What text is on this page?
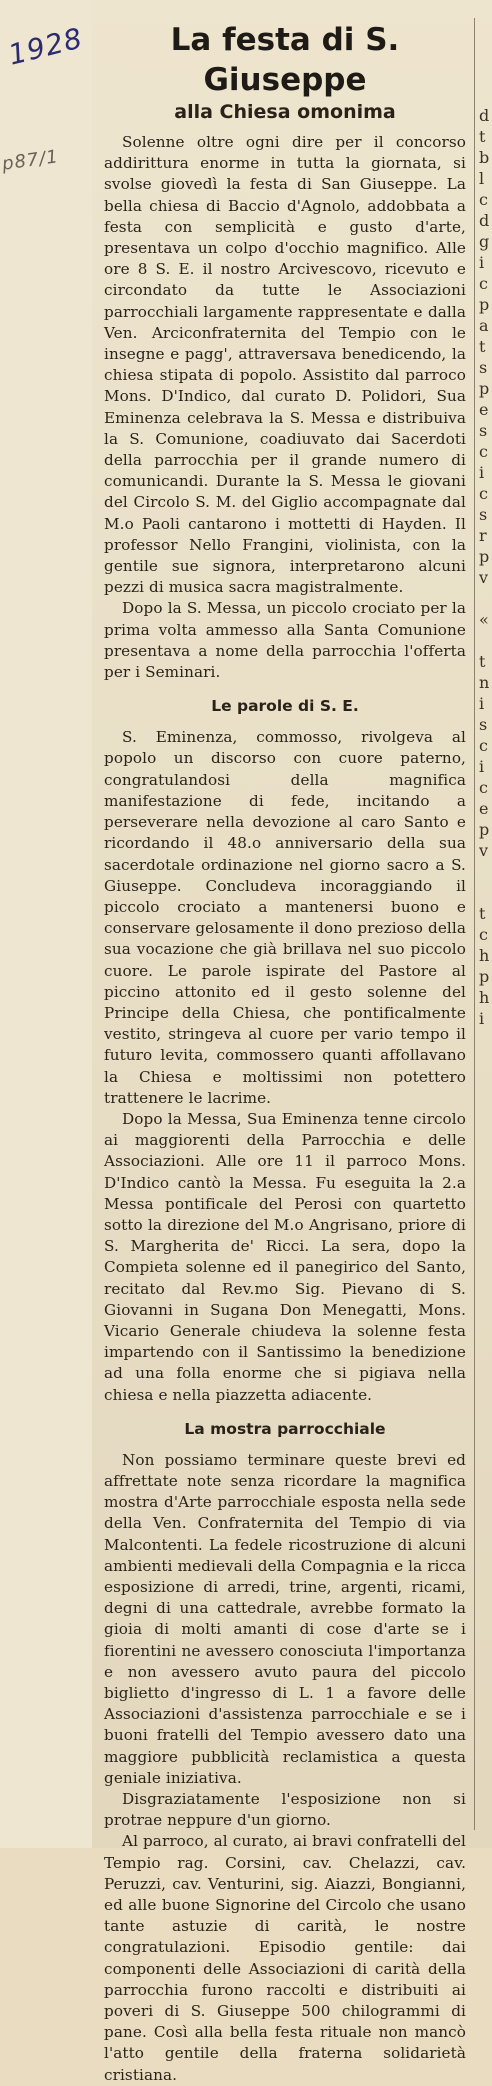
1928
p87/1
La festa di S. Giuseppe
alla Chiesa omonima

Solenne oltre ogni dire per il concorso addirittura enorme in tutta la giornata, si svolse giovedì la festa di San Giuseppe. La bella chiesa di Baccio d'Agnolo, addobbata a festa con semplicità e gusto d'arte, presentava un colpo d'occhio magnifico. Alle ore 8 S. E. il nostro Arcivescovo, ricevuto e circondato da tutte le Associazioni parrocchiali largamente rappresentate e dalla Ven. Arciconfraternita del Tempio con le insegne e pagg', attraversava benedicendo, la chiesa stipata di popolo. Assistito dal parroco Mons. D'Indico, dal curato D. Polidori, Sua Eminenza celebrava la S. Messa e distribuiva la S. Comunione, coadiuvato dai Sacerdoti della parrocchia per il grande numero di comunicandi. Durante la S. Messa le giovani del Circolo S. M. del Giglio accompagnate dal M.o Paoli cantarono i mottetti di Hayden. Il professor Nello Frangini, violinista, con la gentile sue signora, interpretarono alcuni pezzi di musica sacra magistralmente.

Dopo la S. Messa, un piccolo crociato per la prima volta ammesso alla Santa Comunione presentava a nome della parrocchia l'offerta per i Seminari.

Le parole di S. E.

S. Eminenza, commosso, rivolgeva al popolo un discorso con cuore paterno, congratulandosi della magnifica manifestazione di fede, incitando a perseverare nella devozione al caro Santo e ricordando il 48.o anniversario della sua sacerdotale ordinazione nel giorno sacro a S. Giuseppe. Concludeva incoraggiando il piccolo crociato a mantenersi buono e conservare gelosamente il dono prezioso della sua vocazione che già brillava nel suo piccolo cuore. Le parole ispirate del Pastore al piccino attonito ed il gesto solenne del Principe della Chiesa, che pontificalmente vestito, stringeva al cuore per vario tempo il futuro levita, commossero quanti affollavano la Chiesa e moltissimi non potettero trattenere le lacrime.

Dopo la Messa, Sua Eminenza tenne circolo ai maggiorenti della Parrocchia e delle Associazioni. Alle ore 11 il parroco Mons. D'Indico cantò la Messa. Fu eseguita la 2.a Messa pontificale del Perosi con quartetto sotto la direzione del M.o Angrisano, priore di S. Margherita de' Ricci. La sera, dopo la Compieta solenne ed il panegirico del Santo, recitato dal Rev.mo Sig. Pievano di S. Giovanni in Sugana Don Menegatti, Mons. Vicario Generale chiudeva la solenne festa impartendo con il Santissimo la benedizione ad una folla enorme che si pigiava nella chiesa e nella piazzetta adiacente.

La mostra parrocchiale

Non possiamo terminare queste brevi ed affrettate note senza ricordare la magnifica mostra d'Arte parrocchiale esposta nella sede della Ven. Confraternita del Tempio di via Malcontenti. La fedele ricostruzione di alcuni ambienti medievali della Compagnia e la ricca esposizione di arredi, trine, argenti, ricami, degni di una cattedrale, avrebbe formato la gioia di molti amanti di cose d'arte se i fiorentini ne avessero conosciuta l'importanza e non avessero avuto paura del piccolo biglietto d'ingresso di L. 1 a favore delle Associazioni d'assistenza parrocchiale e se i buoni fratelli del Tempio avessero dato una maggiore pubblicità reclamistica a questa geniale iniziativa.

Disgraziatamente l'esposizione non si protrae neppure d'un giorno.

Al parroco, al curato, ai bravi confratelli del Tempio rag. Corsini, cav. Chelazzi, cav. Peruzzi, cav. Venturini, sig. Aiazzi, Bongianni, ed alle buone Signorine del Circolo che usano tante astuzie di carità, le nostre congratulazioni. Episodio gentile: dai componenti delle Associazioni di carità della parrocchia furono raccolti e distribuiti ai poveri di S. Giuseppe 500 chilogrammi di pane. Così alla bella festa rituale non mancò l'atto gentile della fraterna solidarietà cristiana.

d
t
b
l
c
d
g
i
c
p
a
t
s
p
e
s
c
i
c
s
r
p
v

«

t
n
i
s
c
i
c
e
p
v

t
c
h
p
h
i
